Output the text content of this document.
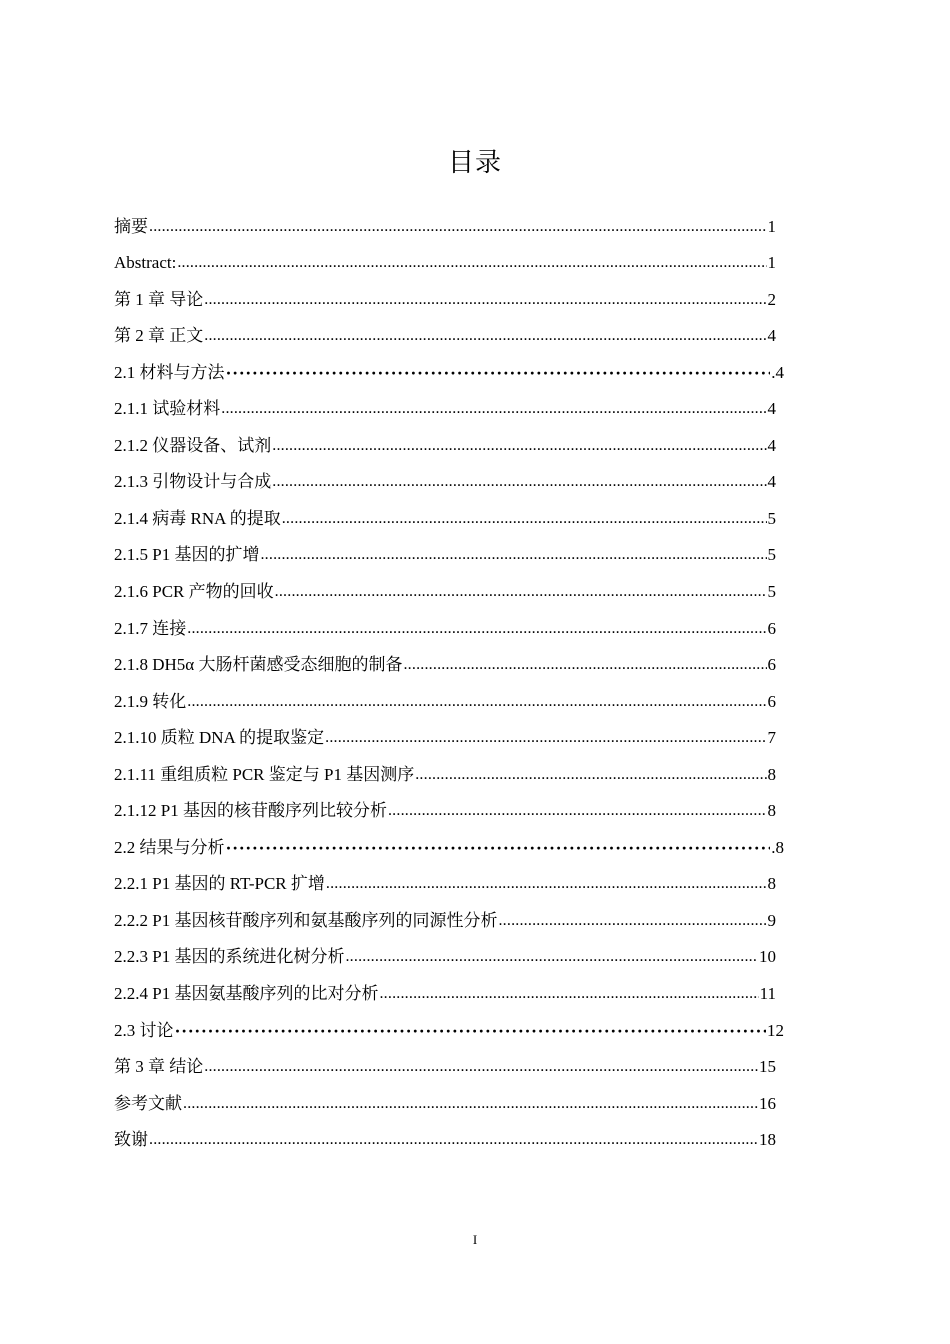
目录
摘要 .....	1
Abstract: .....	1
第 1 章 导论 .....	2
第 2 章 正文 .....	4
2.1 材料与方法 ·····	.4
2.1.1 试验材料 .....	4
2.1.2 仪器设备、试剂 .....	4
2.1.3 引物设计与合成 .....	4
2.1.4 病毒 RNA 的提取 .....	5
2.1.5 P1 基因的扩增 .....	5
2.1.6 PCR 产物的回收 .....	5
2.1.7 连接 .....	6
2.1.8 DH5α 大肠杆菌感受态细胞的制备 .....	6
2.1.9 转化 .....	6
2.1.10 质粒 DNA 的提取鉴定 .....	7
2.1.11 重组质粒 PCR 鉴定与 P1 基因测序 .....	8
2.1.12 P1 基因的核苷酸序列比较分析 .....	8
2.2 结果与分析 ·····	.8
2.2.1 P1 基因的 RT-PCR 扩增 .....	8
2.2.2 P1 基因核苷酸序列和氨基酸序列的同源性分析 .....	9
2.2.3 P1 基因的系统进化树分析 .....	10
2.2.4 P1 基因氨基酸序列的比对分析 .....	11
2.3 讨论 ·····	12
第 3 章 结论 .....	15
参考文献 .....	16
致谢 .....	18
I
